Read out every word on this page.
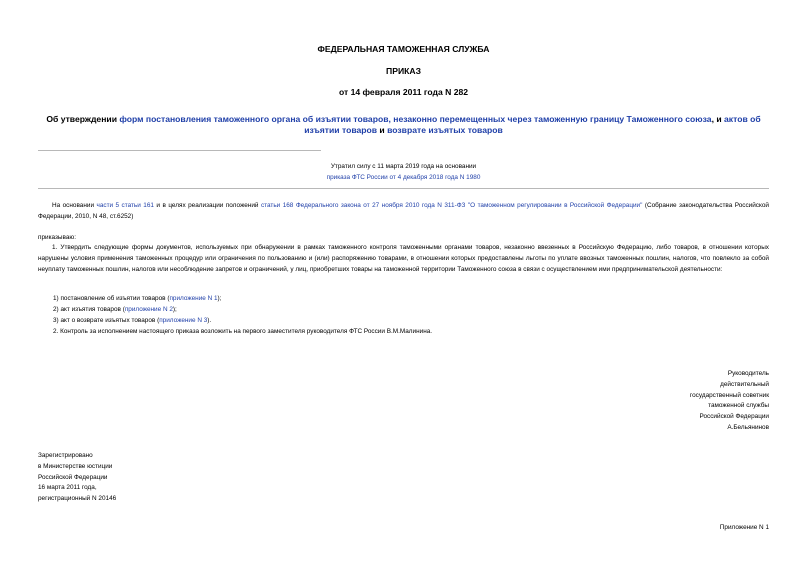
ФЕДЕРАЛЬНАЯ ТАМОЖЕННАЯ СЛУЖБА
ПРИКАЗ
от 14 февраля 2011 года N 282
Об утверждении форм постановления таможенного органа об изъятии товаров, незаконно перемещенных через таможенную границу Таможенного союза, и актов об изъятии товаров и возврате изъятых товаров
Утратил силу с 11 марта 2019 года на основании
приказа ФТС России от 4 декабря 2018 года N 1980
На основании части 5 статьи 161 и в целях реализации положений статьи 168 Федерального закона от 27 ноября 2010 года N 311-ФЗ "О таможенном регулировании в Российской Федерации" (Собрание законодательства Российской Федерации, 2010, N 48, ст.6252)
приказываю:
1. Утвердить следующие формы документов, используемых при обнаружении в рамках таможенного контроля таможенными органами товаров, незаконно ввезенных в Российскую Федерацию, либо товаров, в отношении которых нарушены условия применения таможенных процедур или ограничения по пользованию и (или) распоряжению товарами, в отношении которых предоставлены льготы по уплате ввозных таможенных пошлин, налогов, что повлекло за собой неуплату таможенных пошлин, налогов или несоблюдение запретов и ограничений, у лиц, приобретших товары на таможенной территории Таможенного союза в связи с осуществлением ими предпринимательской деятельности:
1) постановление об изъятии товаров (приложение N 1);
2) акт изъятия товаров (приложение N 2);
3) акт о возврате изъятых товаров (приложение N 3).
2. Контроль за исполнением настоящего приказа возложить на первого заместителя руководителя ФТС России В.М.Малинина.
Руководитель
действительный
государственный советник
таможенной службы
Российской Федерации
А.Бельянинов
Зарегистрировано
в Министерстве юстиции
Российской Федерации
16 марта 2011 года,
регистрационный N 20146
Приложение N 1
